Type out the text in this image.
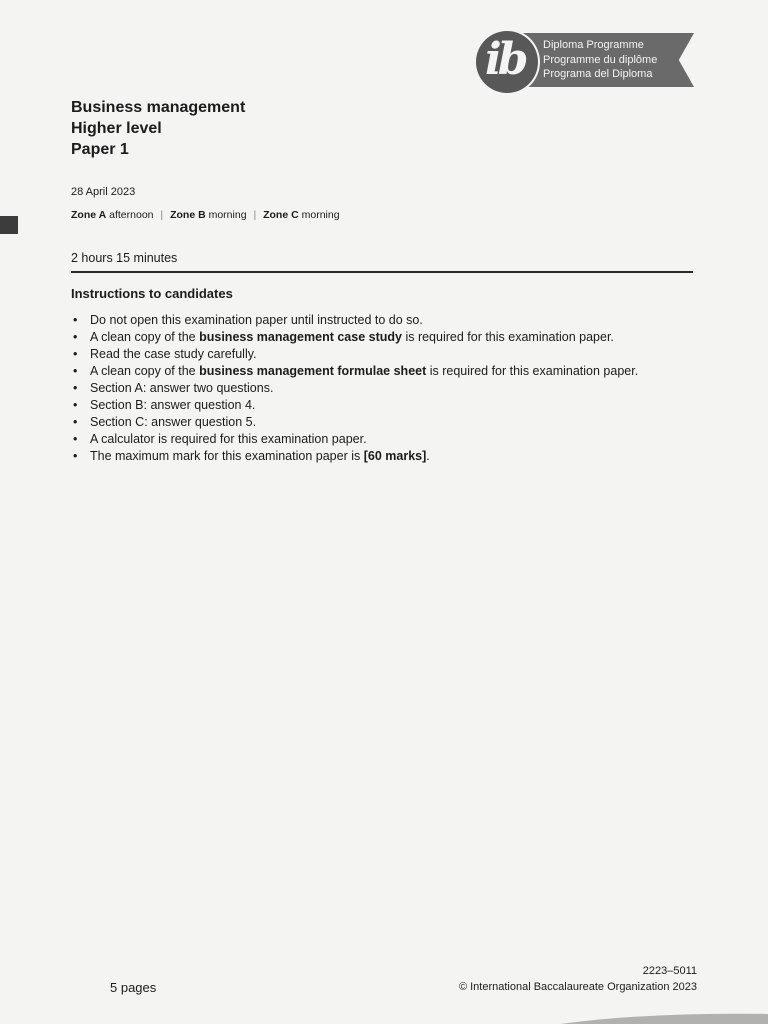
ib Diploma Programme
Programme du diplôme
Programa del Diploma
Business management
Higher level
Paper 1
28 April 2023
Zone A afternoon | Zone B morning | Zone C morning
2 hours 15 minutes
Instructions to candidates
• Do not open this examination paper until instructed to do so.
• A clean copy of the business management case study is required for this examination paper.
• Read the case study carefully.
• A clean copy of the business management formulae sheet is required for this examination paper.
• Section A: answer two questions.
• Section B: answer question 4.
• Section C: answer question 5.
• A calculator is required for this examination paper.
• The maximum mark for this examination paper is [60 marks].
5 pages
2223–5011
© International Baccalaureate Organization 2023
